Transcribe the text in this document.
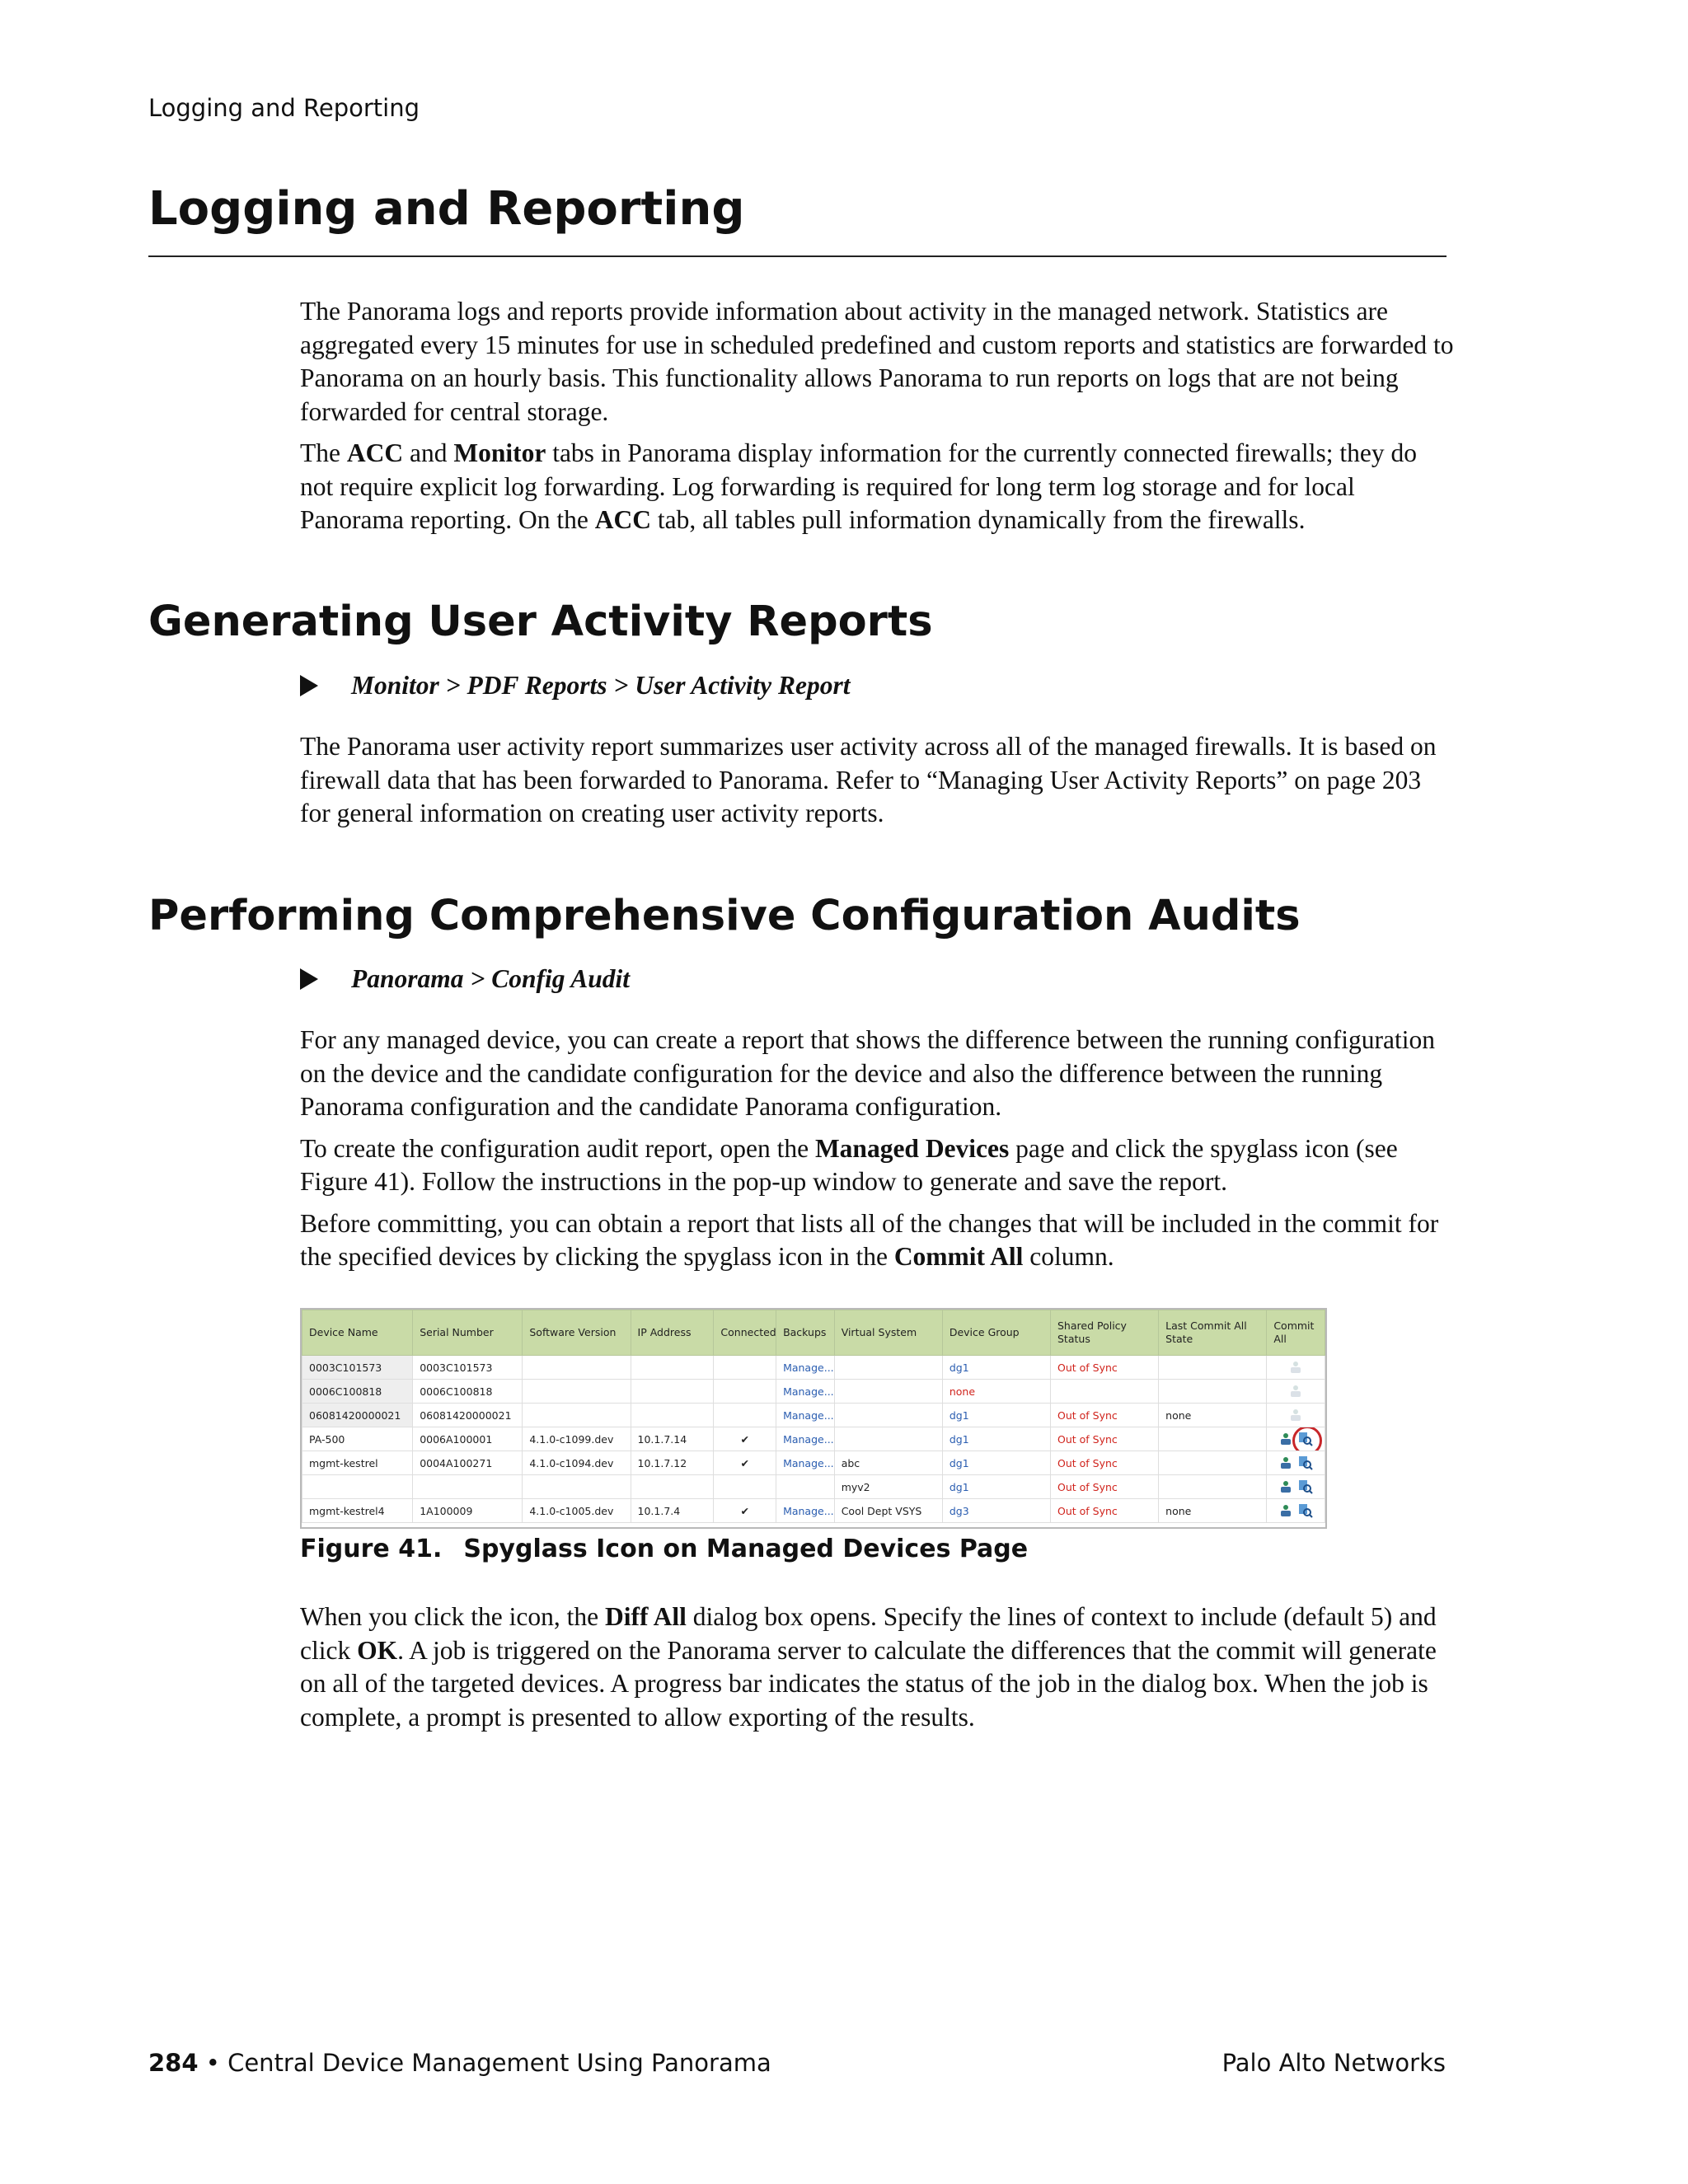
Logging and Reporting
Logging and Reporting

The Panorama logs and reports provide information about activity in the managed network. Statistics are aggregated every 15 minutes for use in scheduled predefined and custom reports and statistics are forwarded to Panorama on an hourly basis. This functionality allows Panorama to run reports on logs that are not being forwarded for central storage.

The ACC and Monitor tabs in Panorama display information for the currently connected firewalls; they do not require explicit log forwarding. Log forwarding is required for long term log storage and for local Panorama reporting. On the ACC tab, all tables pull information dynamically from the firewalls.

Generating User Activity Reports
Monitor > PDF Reports > User Activity Report

The Panorama user activity report summarizes user activity across all of the managed firewalls. It is based on firewall data that has been forwarded to Panorama. Refer to “Managing User Activity Reports” on page 203 for general information on creating user activity reports.

Performing Comprehensive Configuration Audits
Panorama > Config Audit

For any managed device, you can create a report that shows the difference between the running configuration on the device and the candidate configuration for the device and also the difference between the running Panorama configuration and the candidate Panorama configuration.

To create the configuration audit report, open the Managed Devices page and click the spyglass icon (see Figure 41). Follow the instructions in the pop-up window to generate and save the report.

Before committing, you can obtain a report that lists all of the changes that will be included in the commit for the specified devices by clicking the spyglass icon in the Commit All column.

Device Name	Serial Number	Software Version	IP Address	Connected	Backups	Virtual System	Device Group	Shared Policy Status	Last Commit All State	Commit All
0003C101573	0003C101573				Manage...		dg1	Out of Sync		

0006C100818	0006C100818				Manage...		none			

06081420000021	06081420000021				Manage...		dg1	Out of Sync	none	

PA-500	0006A100001	4.1.0-c1099.dev	10.1.7.14	✔	Manage...		dg1	Out of Sync		

mgmt-kestrel	0004A100271	4.1.0-c1094.dev	10.1.7.12	✔	Manage...	abc	dg1	Out of Sync		

						myv2	dg1	Out of Sync		

mgmt-kestrel4	1A100009	4.1.0-c1005.dev	10.1.7.4	✔	Manage...	Cool Dept VSYS	dg3	Out of Sync	none	
Figure 41. Spyglass Icon on Managed Devices Page

When you click the icon, the Diff All dialog box opens. Specify the lines of context to include (default 5) and click OK. A job is triggered on the Panorama server to calculate the differences that the commit will generate on all of the targeted devices. A progress bar indicates the status of the job in the dialog box. When the job is complete, a prompt is presented to allow exporting of the results.

284 • Central Device Management Using Panorama	Palo Alto Networks
